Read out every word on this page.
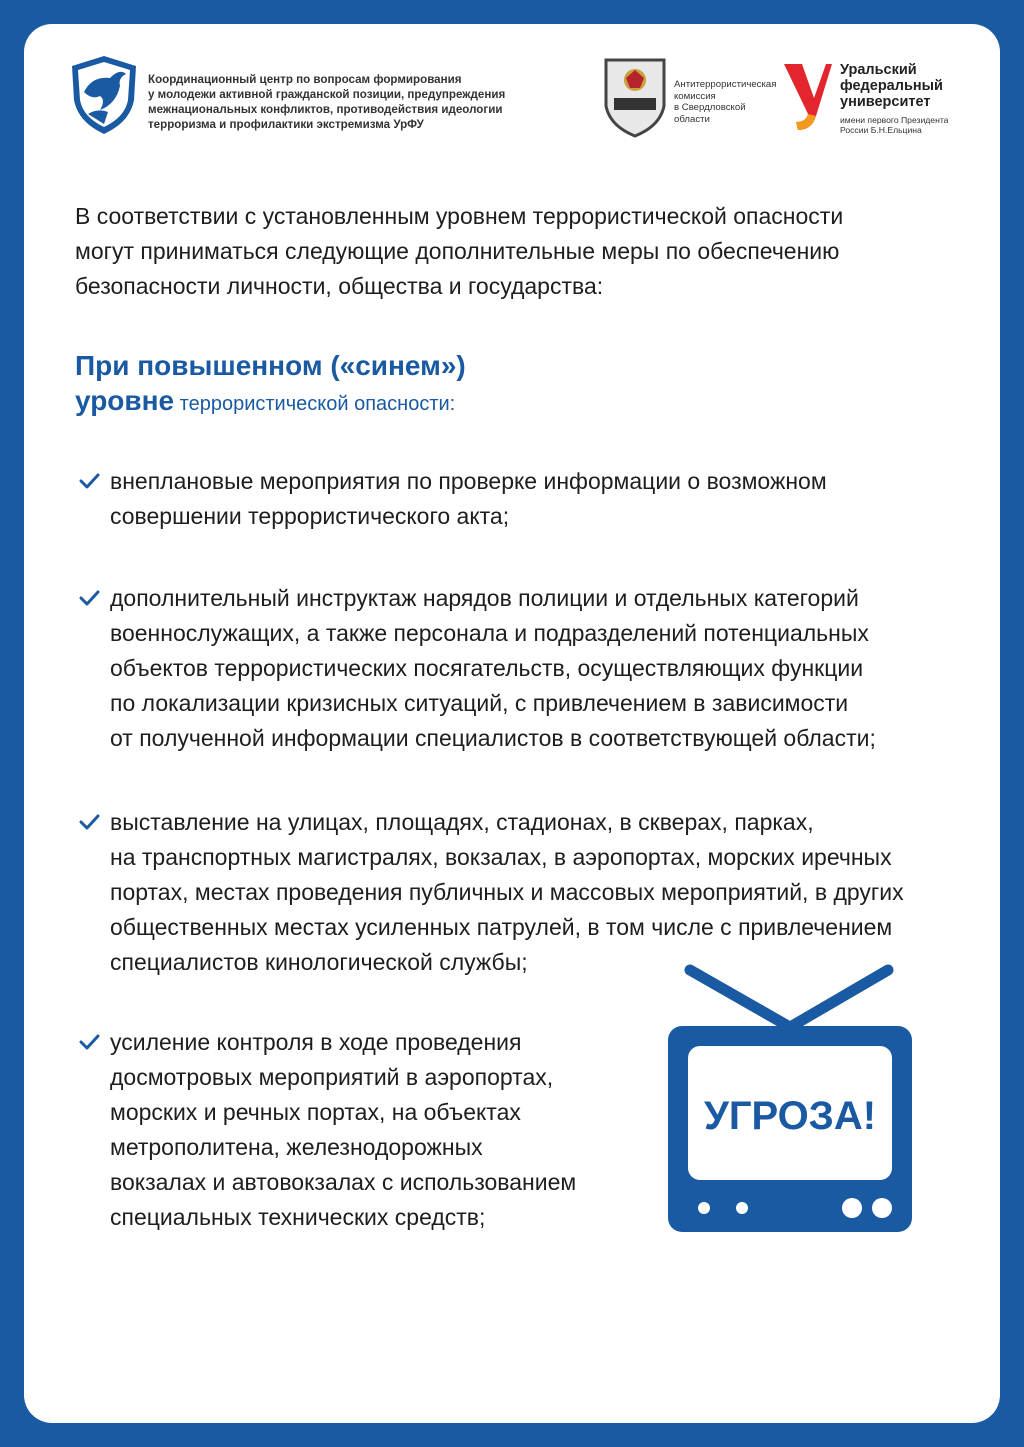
Координационный центр по вопросам формирования
у молодежи активной гражданской позиции, предупреждения
межнациональных конфликтов, противодействия идеологии
терроризма и профилактики экстремизма УрФУ
Антитеррористическая
комиссия
в Свердловской
области
Уральский
федеральный
университет
имени первого Президента
России Б.Н.Ельцина
В соответствии с установленным уровнем террористической опасности
могут приниматься следующие дополнительные меры по обеспечению
безопасности личности, общества и государства:
При повышенном («синем»)
уровне террористической опасности:
внеплановые мероприятия по проверке информации о возможном
совершении террористического акта;
дополнительный инструктаж нарядов полиции и отдельных категорий
военнослужащих, а также персонала и подразделений потенциальных
объектов террористических посягательств, осуществляющих функции
по локализации кризисных ситуаций, с привлечением в зависимости
от полученной информации специалистов в соответствующей области;
выставление на улицах, площадях, стадионах, в скверах, парках,
на транспортных магистралях, вокзалах, в аэропортах, морских иречных
портах, местах проведения публичных и массовых мероприятий, в других
общественных местах усиленных патрулей, в том числе с привлечением
специалистов кинологической службы;
усиление контроля в ходе проведения
досмотровых мероприятий в аэропортах,
морских и речных портах, на объектах
метрополитена, железнодорожных
вокзалах и автовокзалах с использованием
специальных технических средств;
УГРОЗА!
